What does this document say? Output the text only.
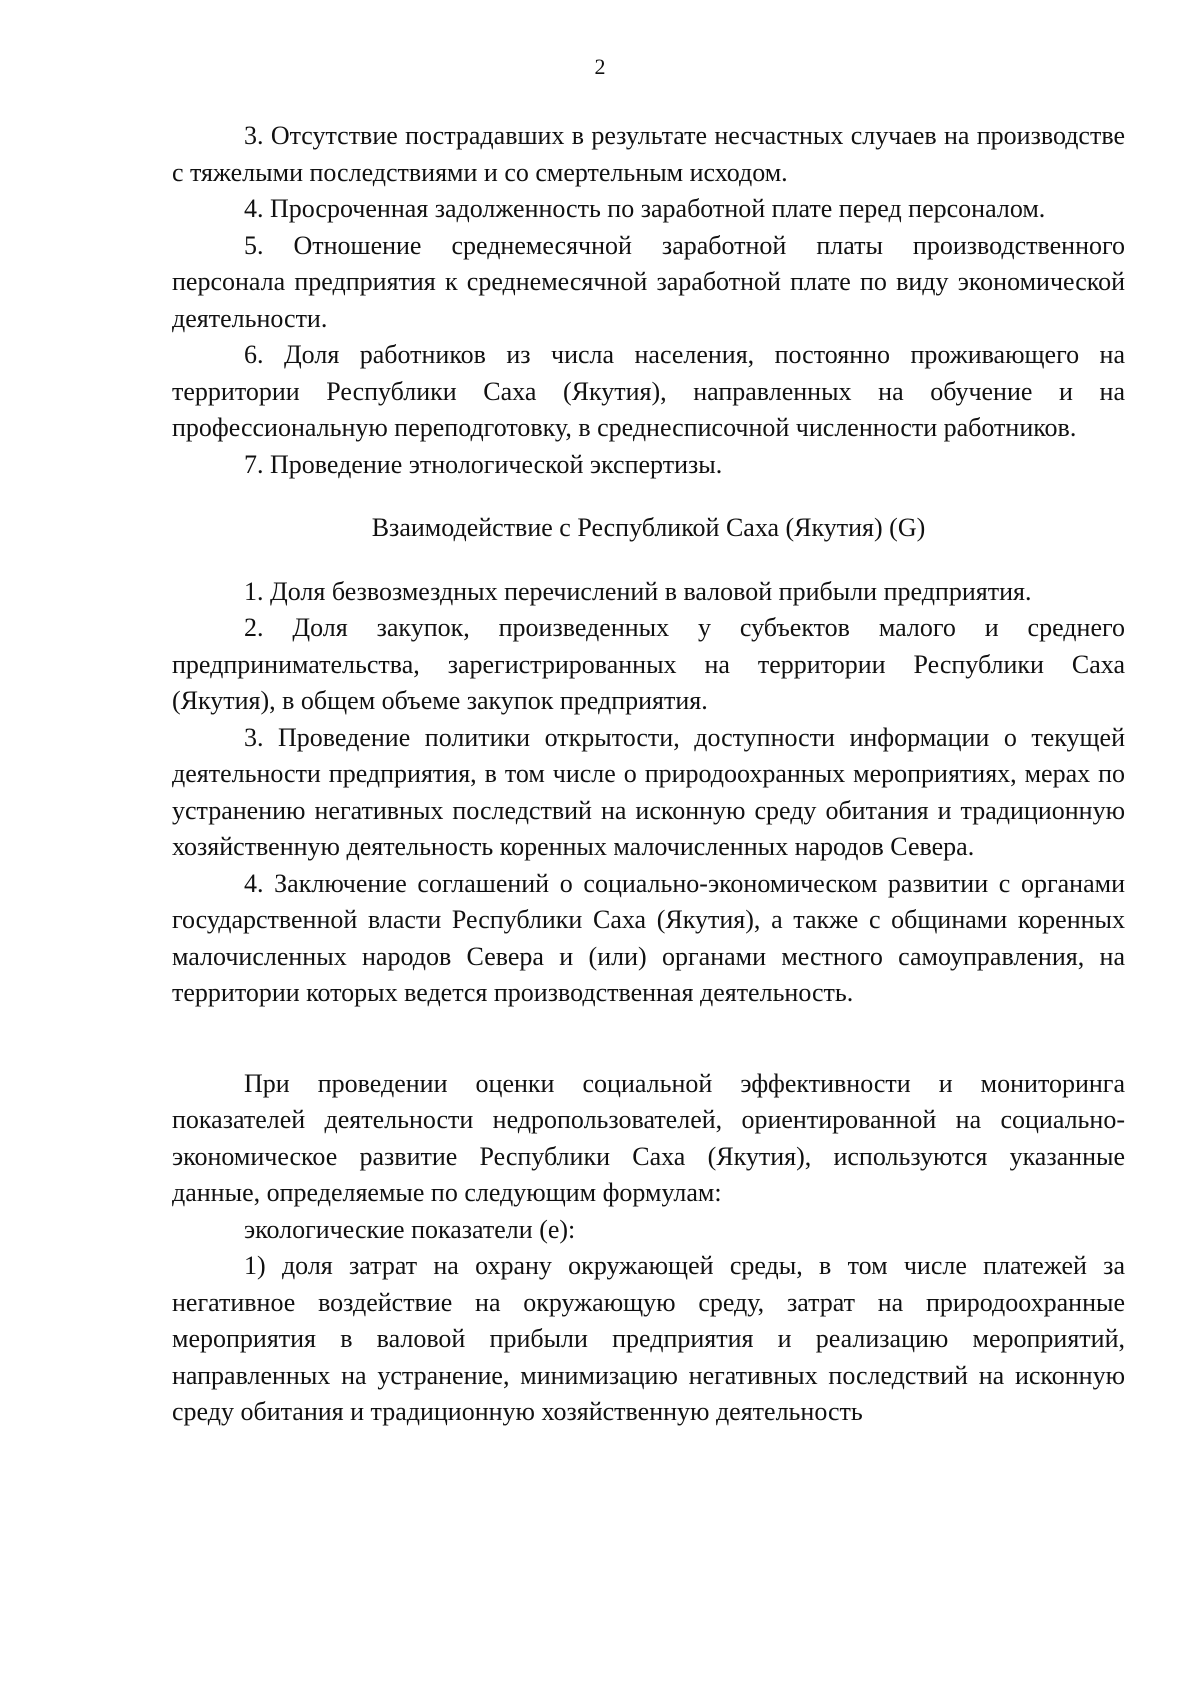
2

3. Отсутствие пострадавших в результате несчастных случаев на производстве с тяжелыми последствиями и со смертельным исходом.

4. Просроченная задолженность по заработной плате перед персоналом.

5. Отношение среднемесячной заработной платы производственного персонала предприятия к среднемесячной заработной плате по виду экономической деятельности.

6. Доля работников из числа населения, постоянно проживающего на территории Республики Саха (Якутия), направленных на обучение и на профессиональную переподготовку, в среднесписочной численности работников.

7. Проведение этнологической экспертизы.

Взаимодействие с Республикой Саха (Якутия) (G)

1. Доля безвозмездных перечислений в валовой прибыли предприятия.

2. Доля закупок, произведенных у субъектов малого и среднего предпринимательства, зарегистрированных на территории Республики Саха (Якутия), в общем объеме закупок предприятия.

3. Проведение политики открытости, доступности информации о текущей деятельности предприятия, в том числе о природоохранных мероприятиях, мерах по устранению негативных последствий на исконную среду обитания и традиционную хозяйственную деятельность коренных малочисленных народов Севера.

4. Заключение соглашений о социально-экономическом развитии с органами государственной власти Республики Саха (Якутия), а также с общинами коренных малочисленных народов Севера и (или) органами местного самоуправления, на территории которых ведется производственная деятельность.

При проведении оценки социальной эффективности и мониторинга показателей деятельности недропользователей, ориентированной на социально-экономическое развитие Республики Саха (Якутия), используются указанные данные, определяемые по следующим формулам:

экологические показатели (е):

1) доля затрат на охрану окружающей среды, в том числе платежей за негативное воздействие на окружающую среду, затрат на природоохранные мероприятия в валовой прибыли предприятия и реализацию мероприятий, направленных на устранение, минимизацию негативных последствий на исконную среду обитания и традиционную хозяйственную деятельность
